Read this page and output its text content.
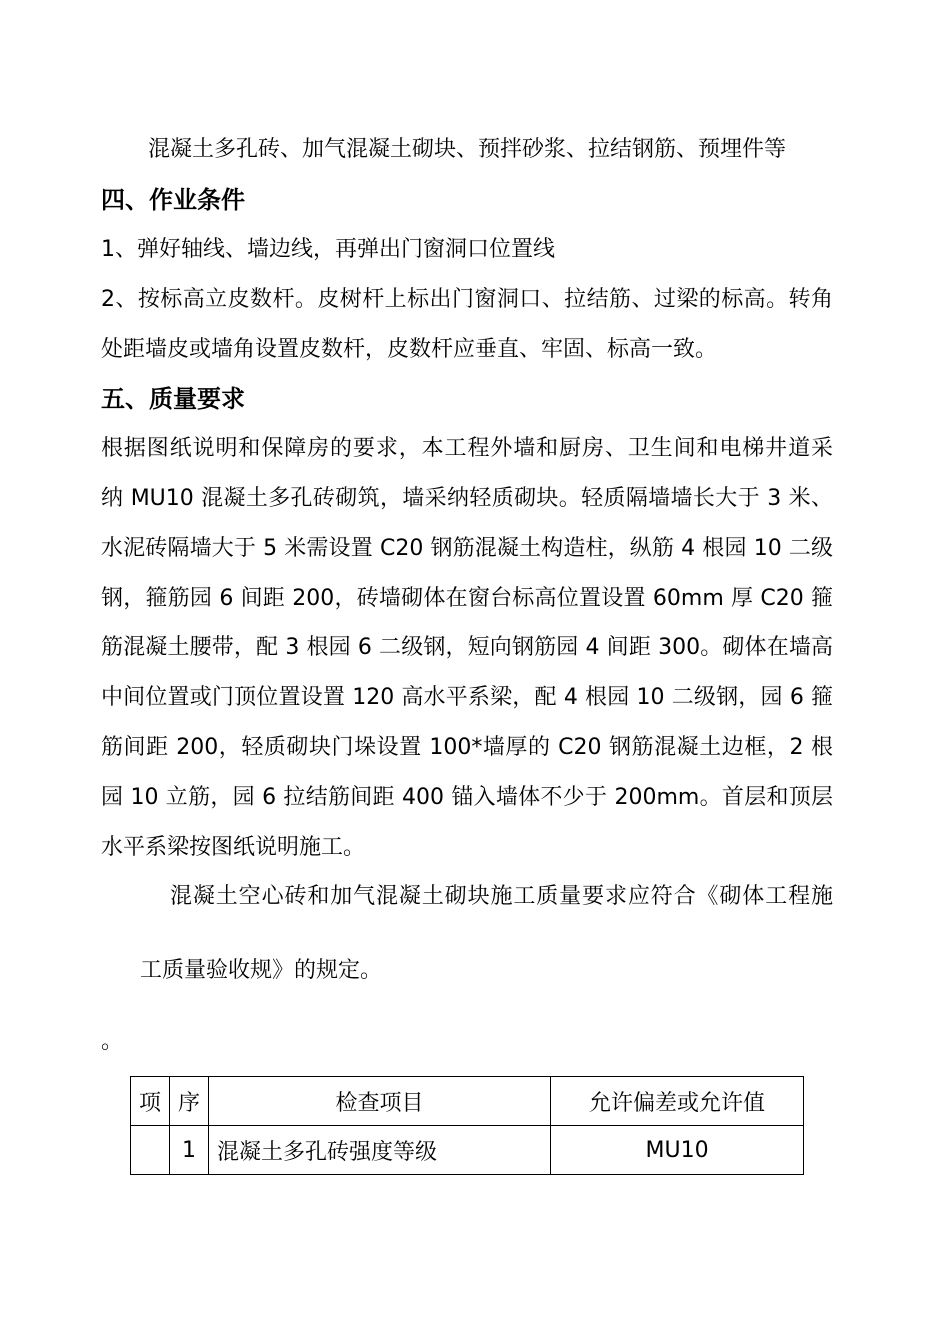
混凝土多孔砖、加气混凝土砌块、预拌砂浆、拉结钢筋、预埋件等
四、作业条件
1、弹好轴线、墙边线，再弹出门窗洞口位置线
2、按标高立皮数杆。皮树杆上标出门窗洞口、拉结筋、过梁的标高。转角
处距墙皮或墙角设置皮数杆，皮数杆应垂直、牢固、标高一致。
五、质量要求
根据图纸说明和保障房的要求，本工程外墙和厨房、卫生间和电梯井道采
纳 MU10 混凝土多孔砖砌筑，墙采纳轻质砌块。轻质隔墙墙长大于 3 米、
水泥砖隔墙大于 5 米需设置 C20 钢筋混凝土构造柱，纵筋 4 根园 10 二级
钢，箍筋园 6 间距 200，砖墙砌体在窗台标高位置设置 60mm 厚 C20 箍
筋混凝土腰带，配 3 根园 6 二级钢，短向钢筋园 4 间距 300。砌体在墙高
中间位置或门顶位置设置 120 高水平系梁，配 4 根园 10 二级钢，园 6 箍
筋间距 200，轻质砌块门垛设置 100*墙厚的 C20 钢筋混凝土边框，2 根
园 10 立筋，园 6 拉结筋间距 400 锚入墙体不少于 200mm。首层和顶层
水平系梁按图纸说明施工。
混凝土空心砖和加气混凝土砌块施工质量要求应符合《砌体工程施
工质量验收规》的规定。
。
项	序	检查项目	允许偏差或允许值
	1	混凝土多孔砖强度等级	MU10
